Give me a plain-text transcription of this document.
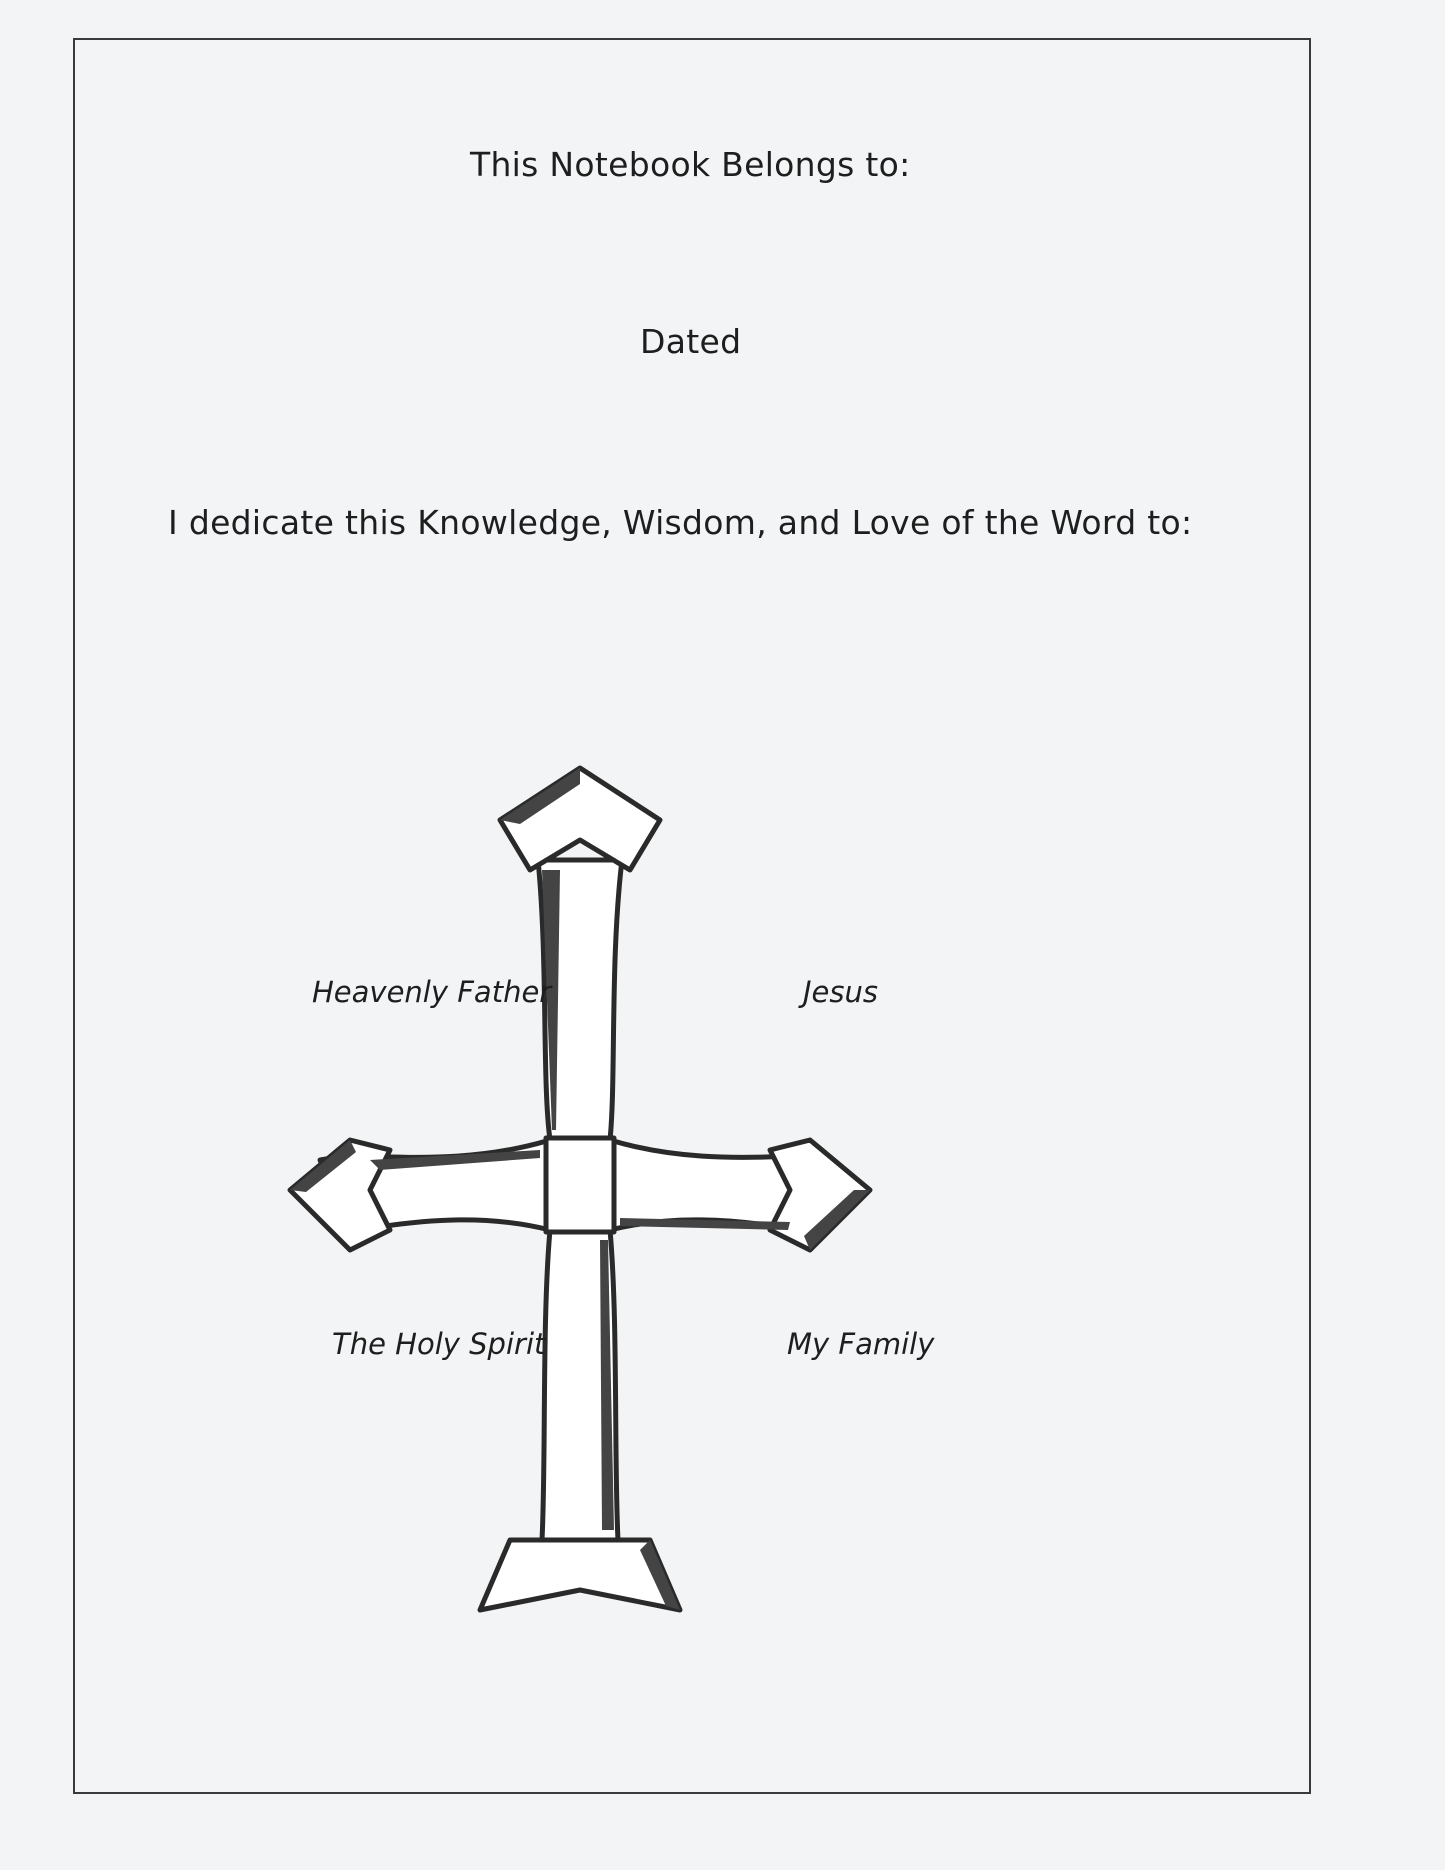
This Notebook Belongs to:
Dated
I dedicate this Knowledge, Wisdom, and Love of the Word to:
Heavenly Father	Jesus
The Holy Spirit	My Family
